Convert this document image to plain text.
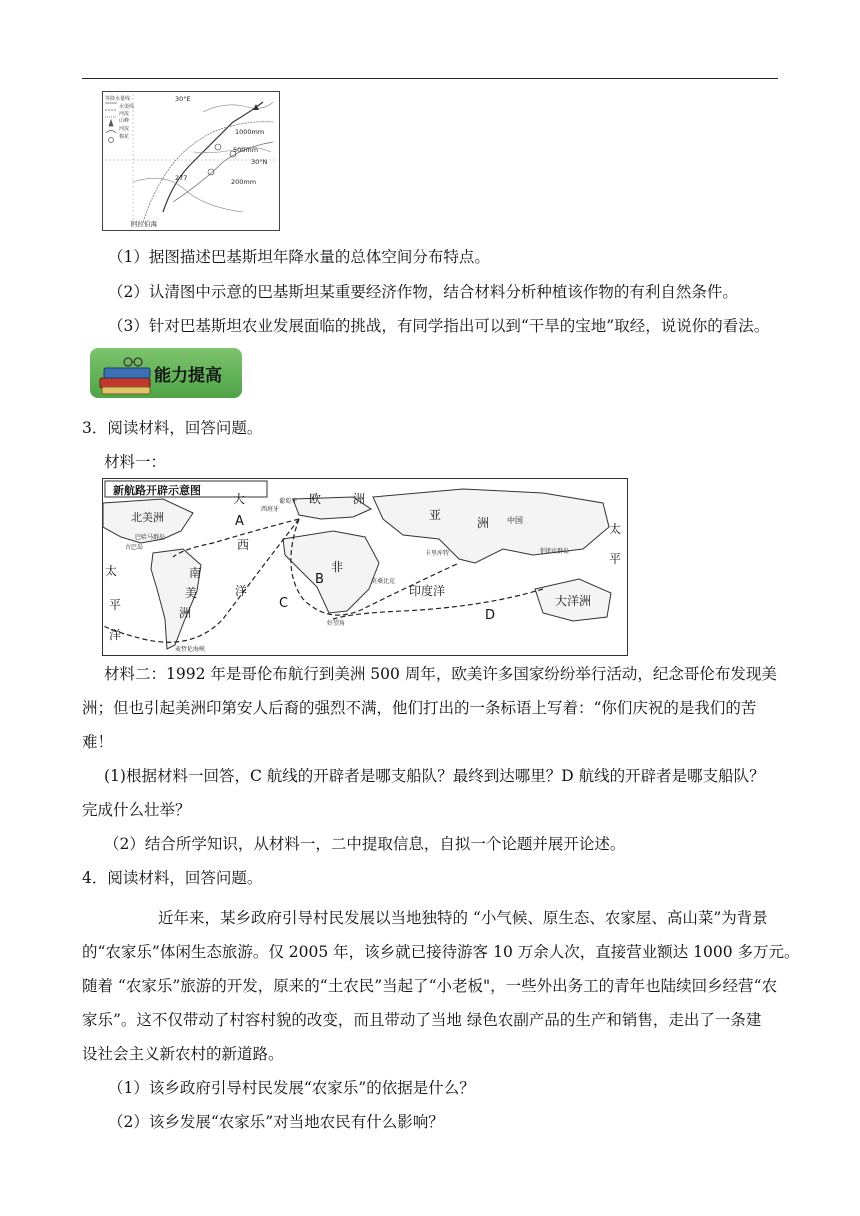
等降水量线
水渠线
河流
山峰
河流
棉花
30°E
1000mm
500mm
30°N
277	200mm
阿拉伯海
（1）据图描述巴基斯坦年降水量的总体空间分布特点。
（2）认清图中示意的巴基斯坦某重要经济作物，结合材料分析种植该作物的有利自然条件。
（3）针对巴基斯坦农业发展面临的挑战，有同学指出可以到“干旱的宝地”取经，说说你的看法。
能力提高
3．阅读材料，回答问题。
材料一：
新航路开辟示意图
北美洲
大
西
洋
欧	洲
亚
洲
非
南
美
洲
印度洋
大洋洲
中国
太
平
洋
太
平
A
B
C
D
好望角
麦哲伦海峡
菲律宾群岛
卡里库特
巴哈马群岛
古巴岛
西班牙
葡萄牙
莫桑比克
材料二：1992 年是哥伦布航行到美洲 500 周年，欧美许多国家纷纷举行活动，纪念哥伦布发现美
洲；但也引起美洲印第安人后裔的强烈不满，他们打出的一条标语上写着：“你们庆祝的是我们的苦
难！
(1)根据材料一回答，C 航线的开辟者是哪支船队？最终到达哪里？D 航线的开辟者是哪支船队？
完成什么壮举？
（2）结合所学知识，从材料一，二中提取信息，自拟一个论题并展开论述。
4．阅读材料，回答问题。
近年来，某乡政府引导村民发展以当地独特的 “小气候、原生态、农家屋、高山菜”为背景
的“农家乐”体闲生态旅游。仅 2005 年，该乡就已接待游客 10 万余人次，直接营业额达 1000 多万元。
随着 “农家乐”旅游的开发，原来的“土农民”当起了“小老板"，一些外出务工的青年也陆续回乡经营“农
家乐”。这不仅带动了村容村貌的改变，而且带动了当地 绿色农副产品的生产和销售，走出了一条建
设社会主义新农村的新道路。
（1）该乡政府引导村民发展“农家乐”的依据是什么？
（2）该乡发展“农家乐”对当地农民有什么影响？
